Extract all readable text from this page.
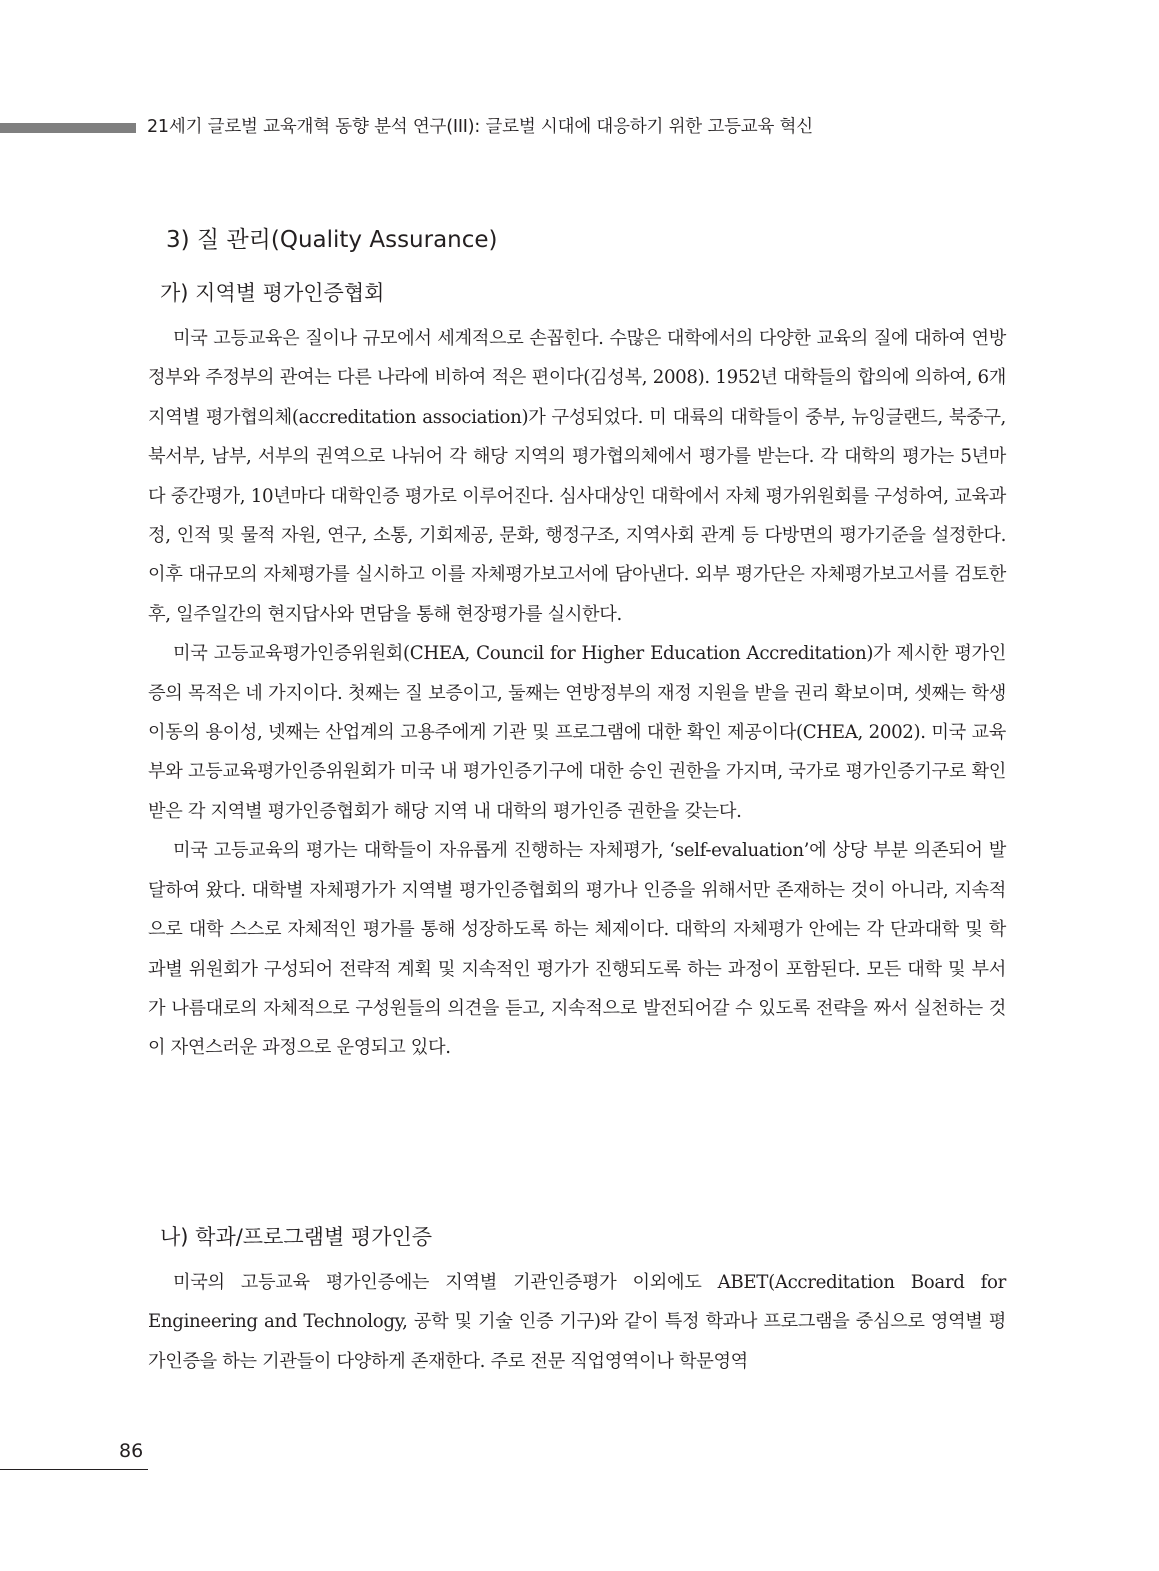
21세기 글로벌 교육개혁 동향 분석 연구(III): 글로벌 시대에 대응하기 위한 고등교육 혁신
3) 질 관리(Quality Assurance)
가) 지역별 평가인증협회

미국 고등교육은 질이나 규모에서 세계적으로 손꼽힌다. 수많은 대학에서의 다양한 교육의 질에 대하여 연방정부와 주정부의 관여는 다른 나라에 비하여 적은 편이다(김성복, 2008). 1952년 대학들의 합의에 의하여, 6개 지역별 평가협의체(accreditation association)가 구성되었다. 미 대륙의 대학들이 중부, 뉴잉글랜드, 북중구, 북서부, 남부, 서부의 권역으로 나뉘어 각 해당 지역의 평가협의체에서 평가를 받는다. 각 대학의 평가는 5년마다 중간평가, 10년마다 대학인증 평가로 이루어진다. 심사대상인 대학에서 자체 평가위원회를 구성하여, 교육과정, 인적 및 물적 자원, 연구, 소통, 기회제공, 문화, 행정구조, 지역사회 관계 등 다방면의 평가기준을 설정한다. 이후 대규모의 자체평가를 실시하고 이를 자체평가보고서에 담아낸다. 외부 평가단은 자체평가보고서를 검토한 후, 일주일간의 현지답사와 면담을 통해 현장평가를 실시한다.

미국 고등교육평가인증위원회(CHEA, Council for Higher Education Accreditation)가 제시한 평가인증의 목적은 네 가지이다. 첫째는 질 보증이고, 둘째는 연방정부의 재정 지원을 받을 권리 확보이며, 셋째는 학생 이동의 용이성, 넷째는 산업계의 고용주에게 기관 및 프로그램에 대한 확인 제공이다(CHEA, 2002). 미국 교육부와 고등교육평가인증위원회가 미국 내 평가인증기구에 대한 승인 권한을 가지며, 국가로 평가인증기구로 확인받은 각 지역별 평가인증협회가 해당 지역 내 대학의 평가인증 권한을 갖는다.

미국 고등교육의 평가는 대학들이 자유롭게 진행하는 자체평가, ‘self-evaluation’에 상당 부분 의존되어 발달하여 왔다. 대학별 자체평가가 지역별 평가인증협회의 평가나 인증을 위해서만 존재하는 것이 아니라, 지속적으로 대학 스스로 자체적인 평가를 통해 성장하도록 하는 체제이다. 대학의 자체평가 안에는 각 단과대학 및 학과별 위원회가 구성되어 전략적 계획 및 지속적인 평가가 진행되도록 하는 과정이 포함된다. 모든 대학 및 부서가 나름대로의 자체적으로 구성원들의 의견을 듣고, 지속적으로 발전되어갈 수 있도록 전략을 짜서 실천하는 것이 자연스러운 과정으로 운영되고 있다.

나) 학과/프로그램별 평가인증

미국의 고등교육 평가인증에는 지역별 기관인증평가 이외에도 ABET(Accreditation Board for Engineering and Technology, 공학 및 기술 인증 기구)와 같이 특정 학과나 프로그램을 중심으로 영역별 평가인증을 하는 기관들이 다양하게 존재한다. 주로 전문 직업영역이나 학문영역

86
